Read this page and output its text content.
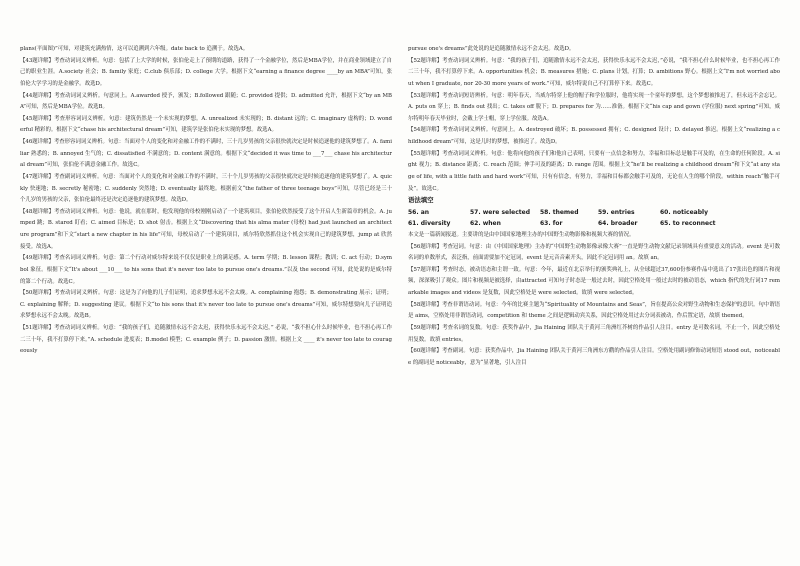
plans(平面图)”可知，对建筑充满热情，这可以追溯到六年级。date back to 追溯于。故选A。

【43题详解】考查动词词义辨析。句意：包括了上大学的时候，张伯伦走上了预期的道路，获得了一个金融学位，然后是MBA学位，并在商业领域建立了自己的职业生涯。A.society 社会；B. family 家庭；C.club 俱乐部；D. college 大学。根据下文“earning a finance degree ____by an MBA”可知，张伯伦大学学习的是金融学。故选D。

【44题详解】考查动词词义辨析。句意同上。A.awarded 授予，颁发；B.followed 跟随；C. provided 提供；D. admitted 允许，根据下文“by an MBA”可知，然后是MBA学位。故选B。

【45题详解】考查形容词词义辨析。句意：建筑仍然是一个未实现的梦想。A. unrealized 未实现的；B. distant 远的；C. imaginary 虚构的；D. wonderful 精彩的。根据下文“chase his architectural dream”可知，建筑学是张伯伦未实现的梦想。故选A。

【46题详解】考查形容词词义辨析。句意：当面对个人的变化和对金融工作的不满时，三十几岁男孩的父亲很快就决定是时候追逐他的建筑梦想了。A. familiar 熟悉的；B. annoyed 生气的；C. dissatisfied 不满意的；D. content 满意的。根据下文“decided it was time to ___7___ chase his architectural dream”可知，张伯伦不满意金融工作。故选C。

【47题详解】考查副词词义辨析。句意：当面对个人的变化和对金融工作的不满时，三十个儿岁男孩的父亲很快就决定是时候追逐他的建筑梦想了。A. quickly 快速地；B. secretly 秘密地；C. suddenly 突然地；D. eventually 最终地。根据前文“the father of three teenage boys”可知，尽管已经是三十个儿岁的男孩的父亲，张伯伦最终还是决定追逐他的建筑梦想。故选D。

【48题详解】考查动词词义辨析。句意：他说，就在那时，他发现他的母校刚刚启动了一个建筑项目，张伯伦欣然接受了这个开启人生新篇章的机会。A. jumped 跳；B. stared 盯看；C. aimed 目标是；D. shot 射击。根据上文“Discovering that his alma mater (母校) had just launched an architecture program”和下文“start a new chapter in his life”可知，母校启动了一个建筑项目，威尔特欣然抓住这个机会实现自己的建筑梦想，jump at 欣然接受。故选A。

【49题详解】考查名词词义辨析。句意：第二个行动对威尔特来说不仅仅是职业上的满足感。A. term 学期；B. lesson 课程；教训；C. act 行动；D.symbol 象征。根据下文“It's about ___10___ to his sons that it's never too late to pursue one's dreams.”以及 the second 可知，此处说的是威尔特的第二个行动。故选C。

【50题详解】考查动词词义辨析。句意：这是为了向他的儿子们证明，追求梦想永远不会太晚。A. complaining 抱怨；B. demonstrating 展示；证明；C. explaining 解释；D. suggesting 建议。根据下文“to his sons that it's never too late to pursue one's dreams”可知，威尔特想要向儿子证明追求梦想永远不会太晚。故选B。

【51题详解】考查动词词义辨析。句意：“我的孩子们，追随激情永远不会太迟，获得快乐永远不会太迟，” 必说，“我不担心什么时候毕业，也不担心再工作二三十年，我不打算停下来。”A. schedule 进度表；B.model 模型；C. example 例子；D. passion 激情。根据上文 ____ it's never too late to courageously

pursue one's dreams”此处说的是追随激情永远不会太迟。故选D。

【52题详解】考查动词词义辨析。句意：“我的孩子们，追随激情永远不会太迟，获得快乐永远不会太迟，”必说，“我不担心什么时候毕业，也不担心再工作二三十年，我不打算停下来。A. opportunities 机会；B. measures 措施；C. plans 计划，打算；D. ambitions 野心。根据上文“I'm not worried about when I graduate, nor 20-30 more years of work.”可知，威尔特说自己不打算停下来。故选C。

【53题详解】考查动词短语辨析。句意：明年春天，当威尔特穿上他的帽子和学位服时，他将实现一个童年的梦想，这个梦想被推迟了，但永远不会忘记。A. puts on 穿上；B. finds out 找出；C. takes off 脱下；D. prepares for 为……准备。根据下文“his cap and gown (学位服) next spring”可知，威尔特明年春天毕业时，会戴上学士帽，穿上学位服。故选A。

【54题详解】考查动词词义辨析。句意同上。A. destroyed 破坏；B. possessed 拥有；C. designed 设计；D. delayed 推迟。根据上文“realizing a childhood dream”可知，这是儿时的梦想，被推迟了。故选D。

【55题详解】考查动词词义辨析。句意：他将向他的孩子们和他自己表明，只要有一点信念和努力，幸福和目标总是触手可及的，在生命的任何阶段。A. sight 视力；B. distance 距离；C. reach 范围；伸手可及的距离；D. range 范围。根据上文“he'll be realizing a childhood dream”和下文“at any stage of life, with a little faith and hard work”可知，只有有信念，有努力，幸福和目标都会触手可及的，无论在人生的哪个阶段。within reach“触手可及”。故选C。

语法填空

56. an	57. were selected	58. themed	59. entries	60. noticeably
61. diversity	62. when	63. for	64. broader	65. to reconnect

本文是一篇新闻报道。主要讲的是由中国国家地理主办的中国野生动物影像和视频大赛的情况。

【56题详解】考查冠词。句意：由《中国国家地理》主办的“中国野生动物影像录像大赛”一直是野生动物文献记录领域具有重要意义的活动。event 是可数名词的单数形式，表泛指，前面需要加不定冠词，event 是元音音素开头，因此不定冠词用 an。故填 an。

【57题详解】考查时态，被动语态和主谓一致。句意：今年，最近在北京举行的颁奖典礼上，从全球超过37,600份参赛作品中选出了17张出色的图片和视频，深深吸引了观众。图片和视频是被选择，由attracted 可知句子时态是一般过去时，因此空格处用一般过去时的被动语态，which 指代的先行词17 remarkable images and videos 是复数，因此空格处是 were selected。故填 were selected。

【58题详解】考查非谓语动词。句意：今年的比赛主题为“Spirituality of Mountains and Seas”，旨在提高公众对野生动物和生态保护的意识。句中谓语是 aims，空格处用非谓语动词，competition 和 theme 之间是逻辑动宾关系，因此空格处用过去分词表被动，作后置定语，故填 themed。

【59题详解】考查名词的复数。句意：获奖作品中，Jia Haining 团队关于黄河三角洲红芥树的作品引人注目。entry 是可数名词，不止一个，因此空格处用复数。故填 entries。

【60题详解】考查副词。句意：获奖作品中，Jia Haining 团队关于黄河三角洲东方鹳的作品引人注目。空格处用副词修饰动词短语 stood out，noticeable 的副词是 noticeably，意为“显著地，引人注目
